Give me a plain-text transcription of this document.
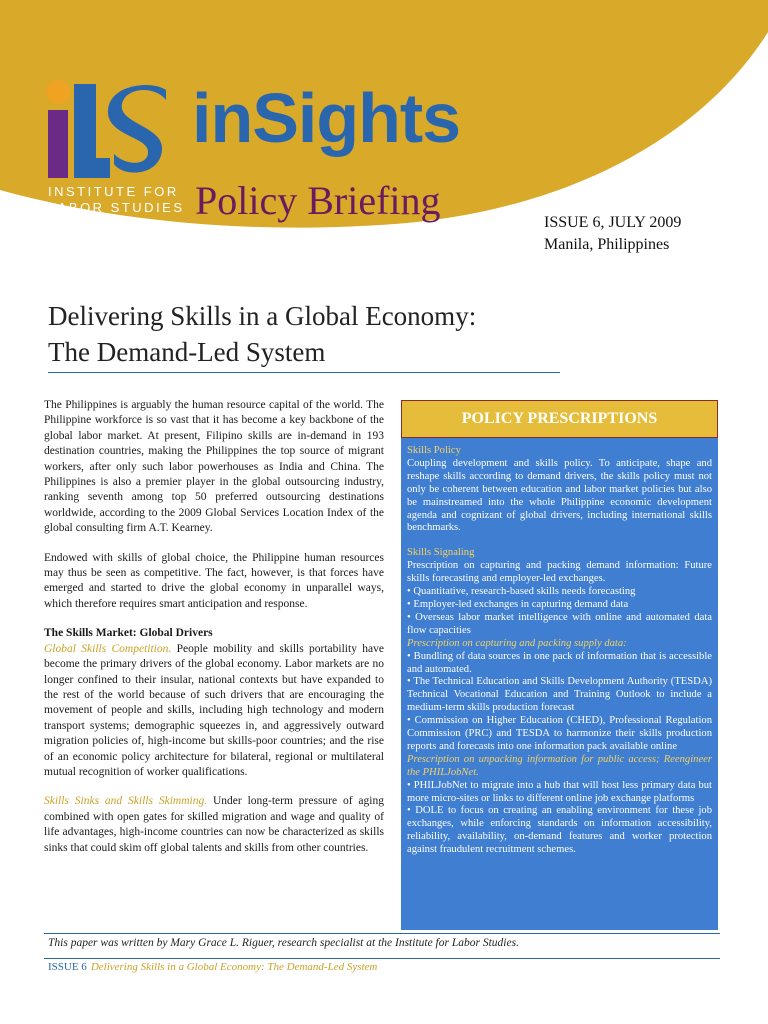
INSTITUTE FOR
LABOR STUDIES
inSights
Policy Briefing	ISSUE 6, JULY 2009
Manila, Philippines
Delivering Skills in a Global Economy:
The Demand-Led System

The Philippines is arguably the human resource capital of the world. The Philippine workforce is so vast that it has become a key backbone of the global labor market. At present, Filipino skills are in-demand in 193 destination countries, making the Philippines the top source of migrant workers, after only such labor powerhouses as India and China. The Philippines is also a premier player in the global outsourcing industry, ranking seventh among top 50 preferred outsourcing destinations worldwide, according to the 2009 Global Services Location Index of the global consulting firm A.T. Kearney.

Endowed with skills of global choice, the Philippine human resources may thus be seen as competitive. The fact, however, is that forces have emerged and started to drive the global economy in unparallel ways, which therefore requires smart anticipation and response.

The Skills Market: Global Drivers

Global Skills Competition. People mobility and skills portability have become the primary drivers of the global economy. Labor markets are no longer confined to their insular, national contexts but have expanded to the rest of the world because of such drivers that are encouraging the movement of people and skills, including high technology and modern transport systems; demographic squeezes in, and aggressively outward migration policies of, high-income but skills-poor countries; and the rise of an economic policy architecture for bilateral, regional or multilateral mutual recognition of worker qualifications.

Skills Sinks and Skills Skimming. Under long-term pressure of aging combined with open gates for skilled migration and wage and quality of life advantages, high-income countries can now be characterized as skills sinks that could skim off global talents and skills from other countries.

POLICY PRESCRIPTIONS
Skills Policy

Coupling development and skills policy. To anticipate, shape and reshape skills according to demand drivers, the skills policy must not only be coherent between education and labor market policies but also be mainstreamed into the whole Philippine economic development agenda and cognizant of global drivers, including international skills benchmarks.

Skills Signaling

Prescription on capturing and packing demand information: Future skills forecasting and employer-led exchanges.

• Quantitative, research-based skills needs forecasting

• Employer-led exchanges in capturing demand data

• Overseas labor market intelligence with online and automated data flow capacities

Prescription on capturing and packing supply data:

• Bundling of data sources in one pack of information that is accessible and automated.

• The Technical Education and Skills Development Authority (TESDA) Technical Vocational Education and Training Outlook to include a medium-term skills production forecast

• Commission on Higher Education (CHED), Professional Regulation Commission (PRC) and TESDA to harmonize their skills production reports and forecasts into one information pack available online

Prescription on unpacking information for public access; Reengineer the PHILJobNet.

• PHILJobNet to migrate into a hub that will host less primary data but more micro-sites or links to different online job exchange platforms

• DOLE to focus on creating an enabling environment for these job exchanges, while enforcing standards on information accessibility, reliability, availability, on-demand features and worker protection against fraudulent recruitment schemes.

This paper was written by Mary Grace L. Riguer, research specialist at the Institute for Labor Studies.
ISSUE 6 Delivering Skills in a Global Economy: The Demand-Led System
